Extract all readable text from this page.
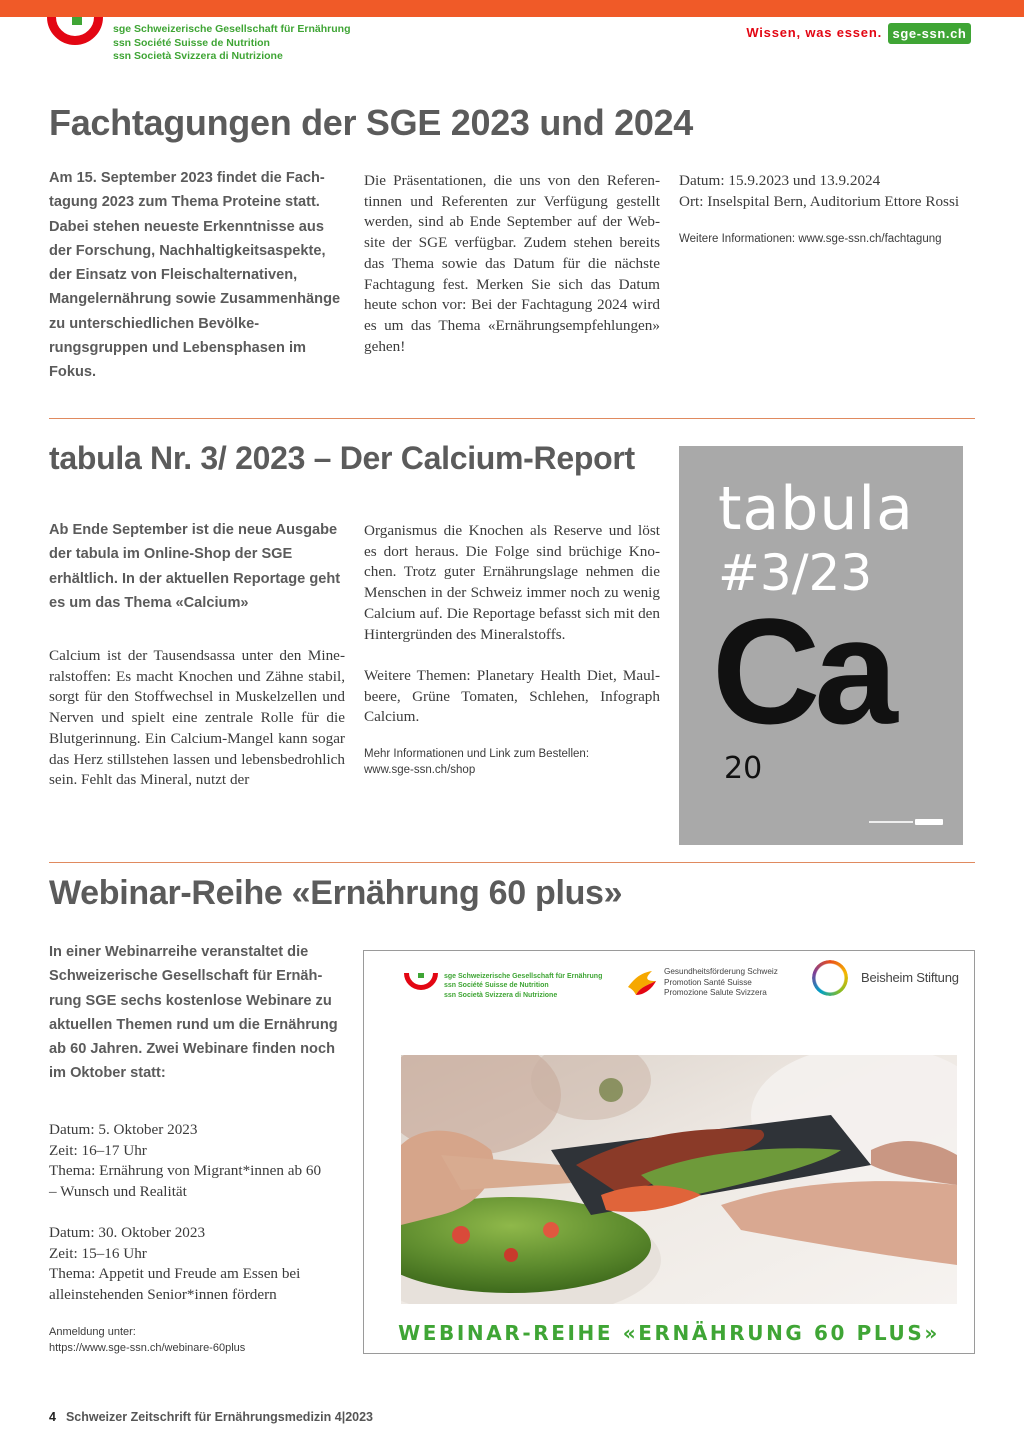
sge Schweizerische Gesellschaft für Ernährung
ssn Société Suisse de Nutrition
ssn Società Svizzera di Nutrizione
Wissen, was essen. sge-ssn.ch
Fachtagungen der SGE 2023 und 2024
Am 15. September 2023 findet die Fachtagung 2023 zum Thema Proteine statt. Dabei stehen neueste Erkenntnisse aus der Forschung, Nachhaltigkeitsaspekte, der Einsatz von Fleischalternativen, Mangelernährung sowie Zusammenhänge zu unterschiedlichen Bevölkerungsgruppen und Lebensphasen im Fokus.
Die Präsentationen, die uns von den Referentinnen und Referenten zur Verfügung gestellt werden, sind ab Ende September auf der Website der SGE verfügbar. Zudem stehen bereits das Thema sowie das Datum für die nächste Fachtagung fest. Merken Sie sich das Datum heute schon vor: Bei der Fachtagung 2024 wird es um das Thema «Ernährungsempfehlungen» gehen!
Datum: 15.9.2023 und 13.9.2024
Ort: Inselspital Bern, Auditorium Ettore Rossi
Weitere Informationen: www.sge-ssn.ch/fachtagung
tabula Nr. 3/ 2023 – Der Calcium-Report
Ab Ende September ist die neue Ausgabe der tabula im Online-Shop der SGE erhältlich. In der aktuellen Reportage geht es um das Thema «Calcium»
Calcium ist der Tausendsassa unter den Mineralstoffen: Es macht Knochen und Zähne stabil, sorgt für den Stoffwechsel in Muskelzellen und Nerven und spielt eine zentrale Rolle für die Blutgerinnung. Ein Calcium-Mangel kann sogar das Herz stillstehen lassen und lebensbedrohlich sein. Fehlt das Mineral, nutzt der
Organismus die Knochen als Reserve und löst es dort heraus. Die Folge sind brüchige Knochen. Trotz guter Ernährungslage nehmen die Menschen in der Schweiz immer noch zu wenig Calcium auf. Die Reportage befasst sich mit den Hintergründen des Mineralstoffs.
Weitere Themen: Planetary Health Diet, Maulbeere, Grüne Tomaten, Schlehen, Infograph Calcium.
Mehr Informationen und Link zum Bestellen:
www.sge-ssn.ch/shop
tabula
#3/23
Ca
20
Webinar-Reihe «Ernährung 60 plus»
In einer Webinarreihe veranstaltet die Schweizerische Gesellschaft für Ernährung SGE sechs kostenlose Webinare zu aktuellen Themen rund um die Ernährung ab 60 Jahren. Zwei Webinare finden noch im Oktober statt:
Datum: 5. Oktober 2023
Zeit: 16–17 Uhr
Thema: Ernährung von Migrant*innen ab 60
– Wunsch und Realität
Datum: 30. Oktober 2023
Zeit: 15–16 Uhr
Thema: Appetit und Freude am Essen bei
alleinstehenden Senior*innen fördern
Anmeldung unter:
https://www.sge-ssn.ch/webinare-60plus
sge Schweizerische Gesellschaft für Ernährung
ssn Société Suisse de Nutrition
ssn Società Svizzera di Nutrizione
Gesundheitsförderung Schweiz
Promotion Santé Suisse
Promozione Salute Svizzera
Beisheim Stiftung
WEBINAR-REIHE «ERNÄHRUNG 60 PLUS»
4 Schweizer Zeitschrift für Ernährungsmedizin 4|2023
